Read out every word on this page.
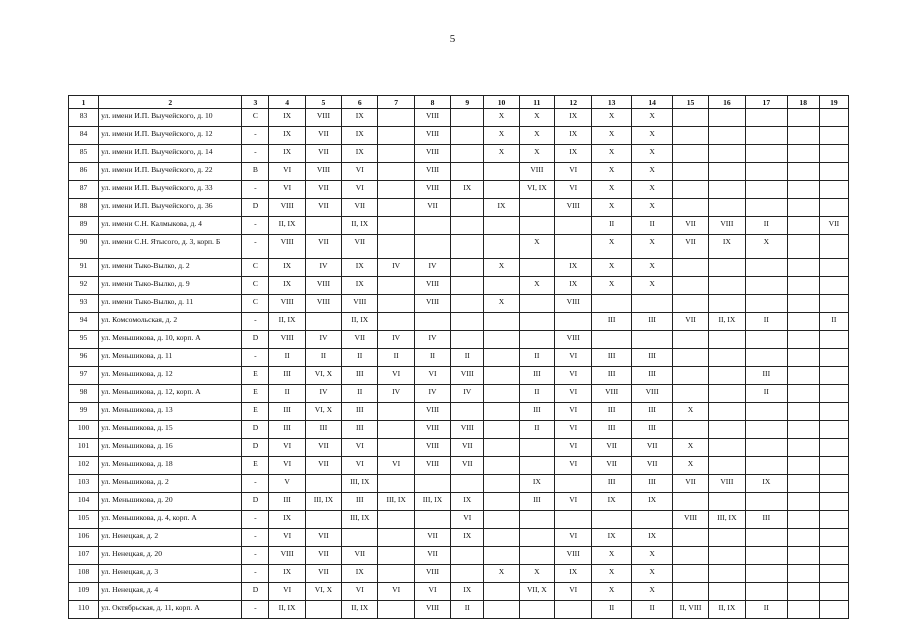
5
1	2	3	4	5	6	7	8	9	10	11	12	13	14	15	16	17	18	19
83	ул. имени И.П. Выучейского, д. 10	C	IX	VIII	IX		VIII		X	X	IX	X	X					
84	ул. имени И.П. Выучейского, д. 12	-	IX	VII	IX		VIII		X	X	IX	X	X					
85	ул. имени И.П. Выучейского, д. 14	-	IX	VII	IX		VIII		X	X	IX	X	X					
86	ул. имени И.П. Выучейского, д. 22	B	VI	VIII	VI		VIII			VIII	VI	X	X					
87	ул. имени И.П. Выучейского, д. 33	-	VI	VII	VI		VIII	IX		VI, IX	VI	X	X					
88	ул. имени И.П. Выучейского, д. 36	D	VIII	VII	VII		VII		IX		VIII	X	X					
89	ул. имени С.Н. Калмыкова, д. 4	-	II, IX		II, IX							II	II	VII	VIII	II		VII
90	ул. имени С.Н. Ятысого, д. 3, корп. Б	-	VIII	VII	VII					X		X	X	VII	IX	X		
91	ул. имени Тыко-Вылко, д. 2	C	IX	IV	IX	IV	IV		X		IX	X	X					
92	ул. имени Тыко-Вылко, д. 9	C	IX	VIII	IX		VIII			X	IX	X	X					
93	ул. имени Тыко-Вылко, д. 11	C	VIII	VIII	VIII		VIII		X		VIII							
94	ул. Комсомольская, д. 2	-	II, IX		II, IX							III	III	VII	II, IX	II		II
95	ул. Меньшикова, д. 10, корп. А	D	VIII	IV	VII	IV	IV				VIII							
96	ул. Меньшикова, д. 11	-	II	II	II	II	II	II		II	VI	III	III					
97	ул. Меньшикова, д. 12	E	III	VI, X	III	VI	VI	VIII		III	VI	III	III			III		
98	ул. Меньшикова, д. 12, корп. А	E	II	IV	II	IV	IV	IV		II	VI	VIII	VIII			II		
99	ул. Меньшикова, д. 13	E	III	VI, X	III		VIII			III	VI	III	III	X				
100	ул. Меньшикова, д. 15	D	III	III	III		VIII	VIII		II	VI	III	III					
101	ул. Меньшикова, д. 16	D	VI	VII	VI		VIII	VII			VI	VII	VII	X				
102	ул. Меньшикова, д. 18	E	VI	VII	VI	VI	VIII	VII			VI	VII	VII	X				
103	ул. Меньшикова, д. 2	-	V		III, IX					IX		III	III	VII	VIII	IX		
104	ул. Меньшикова, д. 20	D	III	III, IX	III	III, IX	III, IX	IX		III	VI	IX	IX					
105	ул. Меньшикова, д. 4, корп. А	-	IX		III, IX			VI						VIII	III, IX	III		
106	ул. Ненецкая, д. 2	-	VI	VII			VII	IX			VI	IX	IX					
107	ул. Ненецкая, д. 20	-	VIII	VII	VII		VII				VIII	X	X					
108	ул. Ненецкая, д. 3	-	IX	VII	IX		VIII		X	X	IX	X	X					
109	ул. Ненецкая, д. 4	D	VI	VI, X	VI	VI	VI	IX		VII, X	VI	X	X					
110	ул. Октябрьская, д. 11, корп. А	-	II, IX		II, IX		VIII	II				II	II	II, VIII	II, IX	II		
